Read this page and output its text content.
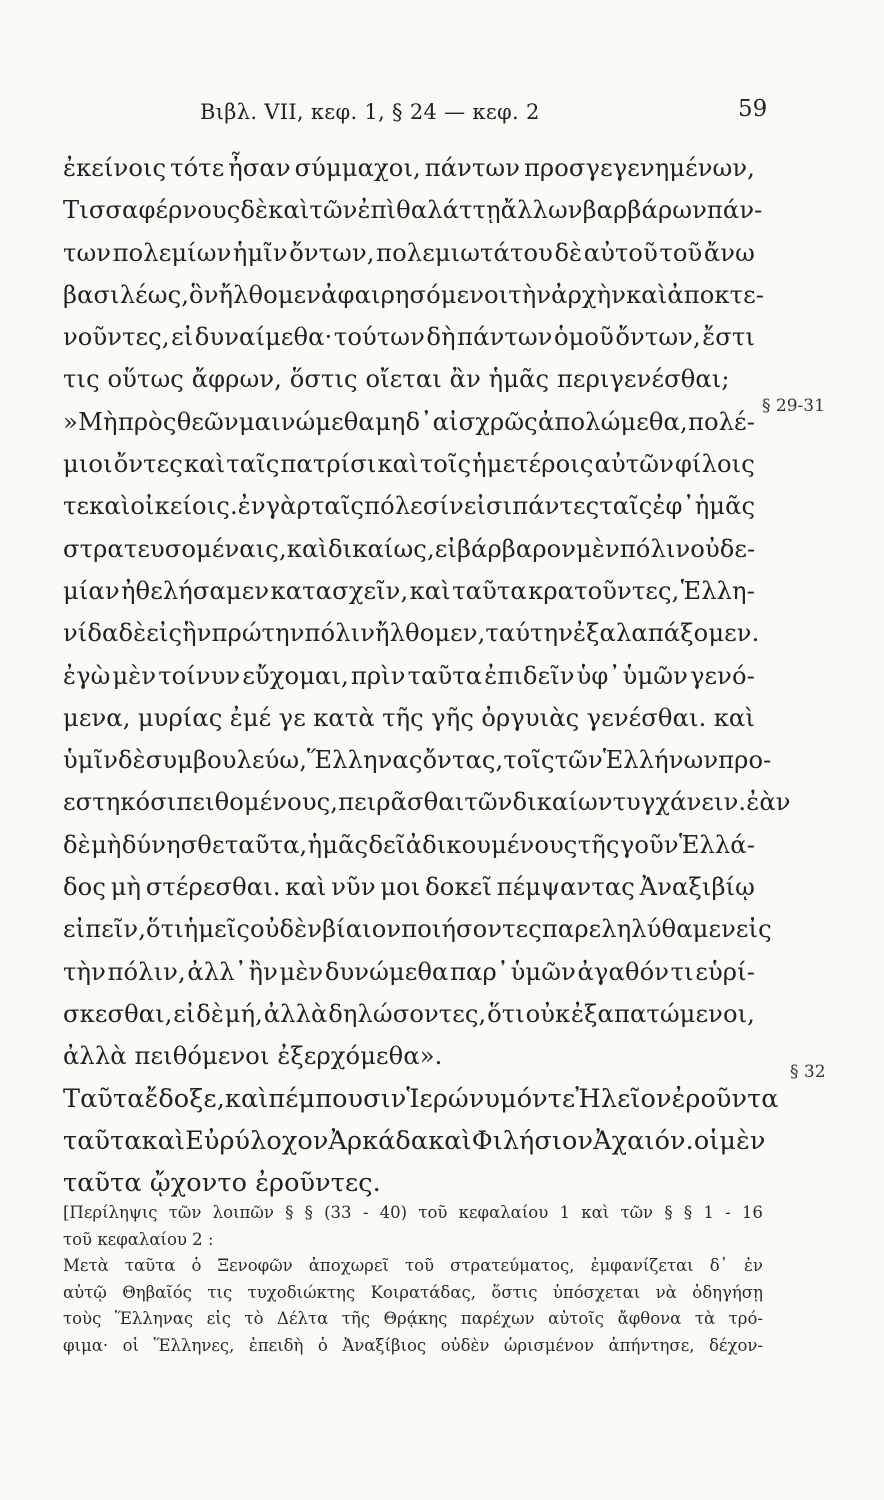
Βιβλ. VII, κεφ. 1, § 24 — κεφ. 2	59
ἐκείνοις τότε ἦσαν σύμμαχοι, πάντων προσγεγενημένων,
Τισσαφέρνους δὲ καὶ τῶν ἐπὶ θαλάττῃ ἄλλων βαρβάρων πάν-
των πολεμίων ἡμῖν ὄντων, πολεμιωτάτου δὲ αὐτοῦ τοῦ ἄνω
βασιλέως, ὃν ἤλθομεν ἀφαιρησόμενοι τὴν ἀρχὴν καὶ ἀποκτε-
νοῦντες, εἰ δυναίμεθα· τούτων δὴ πάντων ὁμοῦ ὄντων, ἔστι
τις οὕτως ἄφρων, ὅστις οἴεται ἂν ἡμᾶς περιγενέσθαι;
» Μὴ πρὸς θεῶν μαινώμεθα μηδ᾽ αἰσχρῶς ἀπολώμεθα, πολέ-
μιοι ὄντες καὶ ταῖς πατρίσι καὶ τοῖς ἡμετέροις αὐτῶν φίλοις
τε καὶ οἰκείοις. ἐν γὰρ ταῖς πόλεσίν εἰσι πάντες ταῖς ἐφ᾽ ἡμᾶς
στρατευσομέναις, καὶ δικαίως, εἰ βάρβαρον μὲν πόλιν οὐδε-
μίαν ἠθελήσαμεν κατασχεῖν, καὶ ταῦτα κρατοῦντες, Ἑλλη-
νίδα δὲ εἰς ἣν πρώτην πόλιν ἤλθομεν, ταύτην ἐξαλαπάξομεν.
ἐγὼ μὲν τοίνυν εὔχομαι, πρὶν ταῦτα ἐπιδεῖν ὑφ᾽ ὑμῶν γενό-
μενα, μυρίας ἐμέ γε κατὰ τῆς γῆς ὀργυιὰς γενέσθαι. καὶ
ὑμῖν δὲ συμβουλεύω, Ἕλληνας ὄντας, τοῖς τῶν Ἑλλήνων προ-
εστηκόσι πειθομένους, πειρᾶσθαι τῶν δικαίων τυγχάνειν. ἐὰν
δὲ μὴ δύνησθε ταῦτα, ἡμᾶς δεῖ ἀδικουμένους τῆς γοῦν Ἑλλά-
δος μὴ στέρεσθαι. καὶ νῦν μοι δοκεῖ πέμψαντας Ἀναξιβίῳ
εἰπεῖν, ὅτι ἡμεῖς οὐδὲν βίαιον ποιήσοντες παρεληλύθαμεν εἰς
τὴν πόλιν, ἀλλ᾽ ἢν μὲν δυνώμεθα παρ᾽ ὑμῶν ἀγαθόν τι εὑρί-
σκεσθαι, εἰ δὲ μή, ἀλλὰ δηλώσοντες, ὅτι οὐκ ἐξαπατώμενοι,
ἀλλὰ πειθόμενοι ἐξερχόμεθα».
Ταῦτα ἔδοξε, καὶ πέμπουσιν Ἱερώνυμόν τε Ἠλεῖον ἐροῦντα
ταῦτα καὶ Εὐρύλοχον Ἀρκάδα καὶ Φιλήσιον Ἀχαιόν. οἱ μὲν
ταῦτα ᾤχοντο ἐροῦντες.
§ 29-31
§ 32
[Περίληψις τῶν λοιπῶν § § (33 - 40) τοῦ κεφαλαίου 1 καὶ τῶν § § 1 - 16
τοῦ κεφαλαίου 2 :
Μετὰ ταῦτα ὁ Ξενοφῶν ἀποχωρεῖ τοῦ στρατεύματος, ἐμφανίζεται δ᾽ ἐν
αὐτῷ Θηβαῖός τις τυχοδιώκτης Κοιρατάδας, ὅστις ὑπόσχεται νὰ ὁδηγήσῃ
τοὺς Ἕλληνας εἰς τὸ Δέλτα τῆς Θρᾴκης παρέχων αὐτοῖς ἄφθονα τὰ τρό-
φιμα· οἱ Ἕλληνες, ἐπειδὴ ὁ Ἀναξίβιος οὐδὲν ὡρισμένον ἀπήντησε, δέχον-
